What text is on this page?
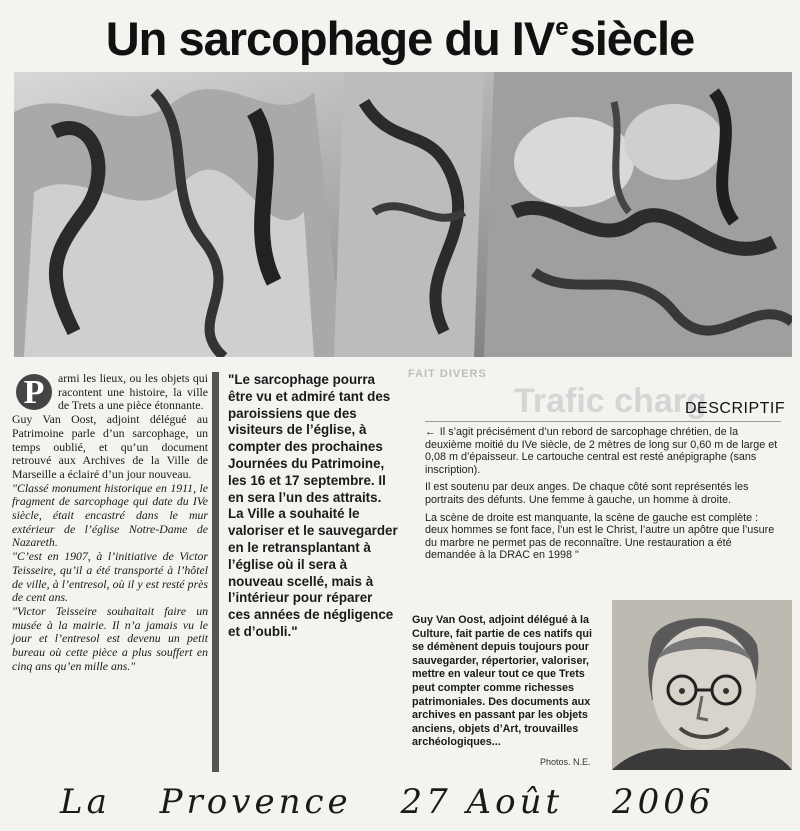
Un sarcophage du IVesiècle
P	armi les lieux, ou les objets qui racontent une histoire, la ville de Trets a une pièce étonnante.

Guy Van Oost, adjoint délégué au Patrimoine parle d’un sarcophage, un temps oublié, et qu’un document retrouvé aux Archives de la Ville de Marseille a éclairé d’un jour nouveau.

"Classé monument historique en 1911, le fragment de sarcophage qui date du IVe siècle, était encastré dans le mur extérieur de l’église Notre-Dame de Nazareth.

"C’est en 1907, à l’initiative de Victor Teisseire, qu’il a été transporté à l’hôtel de ville, à l’entresol, où il y est resté près de cent ans.

"Victor Teisseire souhaitait faire un musée à la mairie. Il n’a jamais vu le jour et l’entresol est devenu un petit bureau où cette pièce a plus souffert en cinq ans qu’en mille ans."

"Le sarcophage pourra être vu et admiré tant des paroissiens que des visiteurs de l’église, à compter des prochaines Journées du Patrimoine, les 16 et 17 septembre. Il en sera l’un des attraits. La Ville a souhaité le valoriser et le sauvegarder en le retransplantant à l’église où il sera à nouveau scellé, mais à l’intérieur pour réparer ces années de négligence et d’oubli."
FAIT DIVERS
Trafic charg
DESCRIPTIF

← Il s’agit précisément d’un rebord de sarcophage chrétien, de la deuxième moitié du IVe siècle, de 2 mètres de long sur 0,60 m de large et 0,08 m d’épaisseur. Le cartouche central est resté anépigraphe (sans inscription).

Il est soutenu par deux anges. De chaque côté sont représentés les portraits des défunts. Une femme à gauche, un homme à droite.

La scène de droite est manquante, la scène de gauche est complète : deux hommes se font face, l’un est le Christ, l’autre un apôtre que l’usure du marbre ne permet pas de reconnaître. Une restauration a été demandée à la DRAC en 1998 "

Guy Van Oost, adjoint délégué à la Culture, fait partie de ces natifs qui se démènent depuis toujours pour sauvegarder, répertorier, valoriser, mettre en valeur tout ce que Trets peut compter comme richesses patrimoniales. Des documents aux archives en passant par les objets anciens, objets d’Art, trouvailles archéologiques...
Photos. N.E.
La Provence 27 Août 2006
